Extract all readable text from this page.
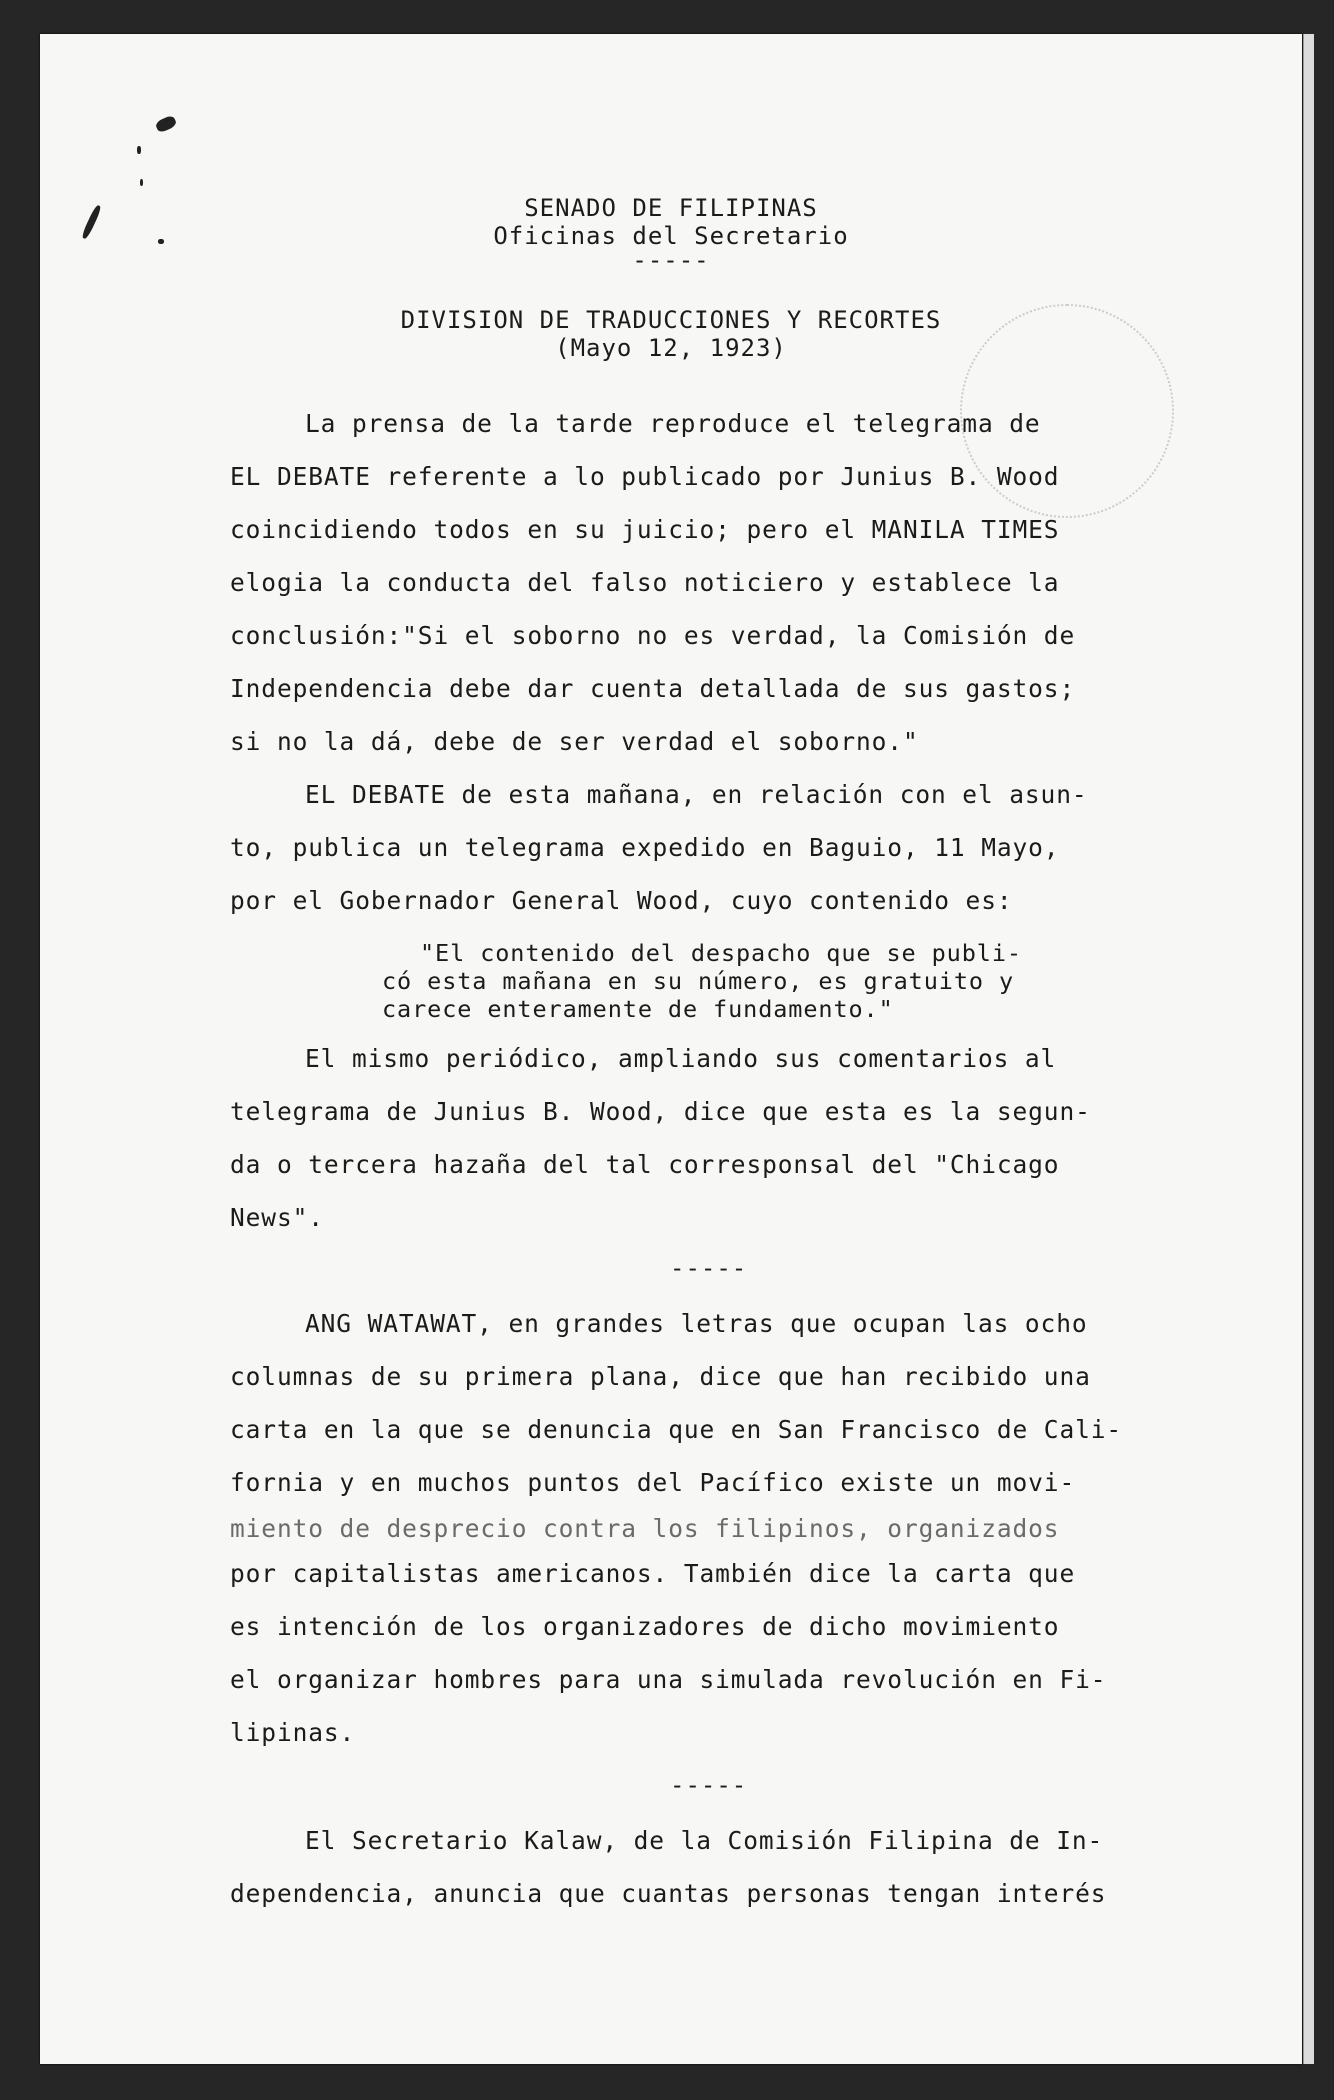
SENADO DE FILIPINAS
Oficinas del Secretario
-----
DIVISION DE TRADUCCIONES Y RECORTES
(Mayo 12, 1923)
La prensa de la tarde reproduce el telegrama de
EL DEBATE referente a lo publicado por Junius B. Wood
coincidiendo todos en su juicio; pero el MANILA TIMES
elogia la conducta del falso noticiero y establece la
conclusión:"Si el soborno no es verdad, la Comisión de
Independencia debe dar cuenta detallada de sus gastos;
si no la dá, debe de ser verdad el soborno."
EL DEBATE de esta mañana, en relación con el asun-
to, publica un telegrama expedido en Baguio, 11 Mayo,
por el Gobernador General Wood, cuyo contenido es:
"El contenido del despacho que se publi-
có esta mañana en su número, es gratuito y
carece enteramente de fundamento."
El mismo periódico, ampliando sus comentarios al
telegrama de Junius B. Wood, dice que esta es la segun-
da o tercera hazaña del tal corresponsal del "Chicago
News".
-----
ANG WATAWAT, en grandes letras que ocupan las ocho
columnas de su primera plana, dice que han recibido una
carta en la que se denuncia que en San Francisco de Cali-
fornia y en muchos puntos del Pacífico existe un movi-
miento de desprecio contra los filipinos, organizados
por capitalistas americanos. También dice la carta que
es intención de los organizadores de dicho movimiento
el organizar hombres para una simulada revolución en Fi-
lipinas.
-----
El Secretario Kalaw, de la Comisión Filipina de In-
dependencia, anuncia que cuantas personas tengan interés
